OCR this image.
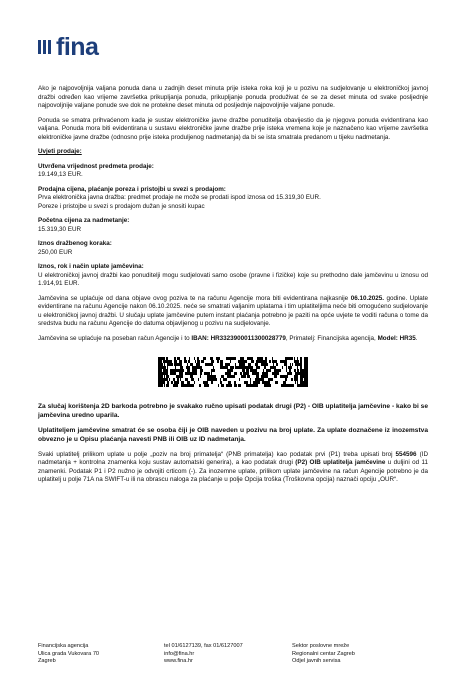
fina

Ako je najpovoljnija valjana ponuda dana u zadnjih deset minuta prije isteka roka koji je u pozivu na sudjelovanje u elektroničkoj javnoj dražbi određen kao vrijeme završetka prikupljanja ponuda, prikupljanje ponuda produživat će se za deset minuta od svake posljednje najpovoljnije valjane ponude sve dok ne protekne deset minuta od posljednje najpovoljnije valjane ponude.

Ponuda se smatra prihvaćenom kada je sustav elektroničke javne dražbe ponuditelja obavijestio da je njegova ponuda evidentirana kao valjana. Ponuda mora biti evidentirana u sustavu elektroničke javne dražbe prije isteka vremena koje je naznačeno kao vrijeme završetka elektroničke javne dražbe (odnosno prije isteka produljenog nadmetanja) da bi se ista smatrala predanom u tijeku nadmetanja.

Uvjeti prodaje:

Utvrđena vrijednost predmeta prodaje:

19.149,13 EUR.

Prodajna cijena, plaćanje poreza i pristojbi u svezi s prodajom:

Prva elektronička javna dražba: predmet prodaje ne može se prodati ispod iznosa od 15.319,30 EUR.

Poreze i pristojbe u svezi s prodajom dužan je snositi kupac

Početna cijena za nadmetanje:

15.319,30 EUR

Iznos dražbenog koraka:

250,00 EUR

Iznos, rok i način uplate jamčevina:

U elektroničkoj javnoj dražbi kao ponuditelji mogu sudjelovati samo osobe (pravne i fizičke) koje su prethodno dale jamčevinu u iznosu od 1.914,91 EUR.

Jamčevina se uplaćuje od dana objave ovog poziva te na računu Agencije mora biti evidentirana najkasnije 06.10.2025. godine. Uplate evidentirane na računu Agencije nakon 06.10.2025. neće se smatrati valjanim uplatama i tim uplatiteljima neće biti omogućeno sudjelovanje u elektroničkoj javnoj dražbi. U slučaju uplate jamčevine putem instant plaćanja potrebno je paziti na opće uvjete te voditi računa o tome da sredstva budu na računu Agencije do datuma objavljenog u pozivu na sudjelovanje.

Jamčevina se uplaćuje na poseban račun Agencije i to IBAN: HR3323900011300028779, Primatelj: Financijska agencija, Model: HR35.

Za slučaj korištenja 2D barkoda potrebno je svakako ručno upisati podatak drugi (P2) - OIB uplatitelja jamčevine - kako bi se jamčevina uredno uparila.

Uplatiteljem jamčevine smatrat će se osoba čiji je OIB naveden u pozivu na broj uplate. Za uplate doznačene iz inozemstva obvezno je u Opisu plaćanja navesti PNB ili OIB uz ID nadmetanja.

Svaki uplatitelj prilikom uplate u polje „poziv na broj primatelja“ (PNB primatelja) kao podatak prvi (P1) treba upisati broj 554596 (ID nadmetanja + kontrolna znamenka koju sustav automatski generira), a kao podatak drugi (P2) OIB uplatitelja jamčevine u duljini od 11 znamenki. Podatak P1 i P2 nužno je odvojiti crticom (-). Za inozemne uplate, prilikom uplate jamčevine na račun Agencije potrebno je da uplatitelj u polje 71A na SWIFT-u ili na obrascu naloga za plaćanje u polje Opcija troška (Troškovna opcija) naznači opciju „OUR“.

Financijska agencija
Ulica grada Vukovara 70
Zagreb
tel 01/6127139, fax 01/6127007
info@fina.hr
www.fina.hr
Sektor poslovne mreže
Regionalni centar Zagreb
Odjel javnih servisa
